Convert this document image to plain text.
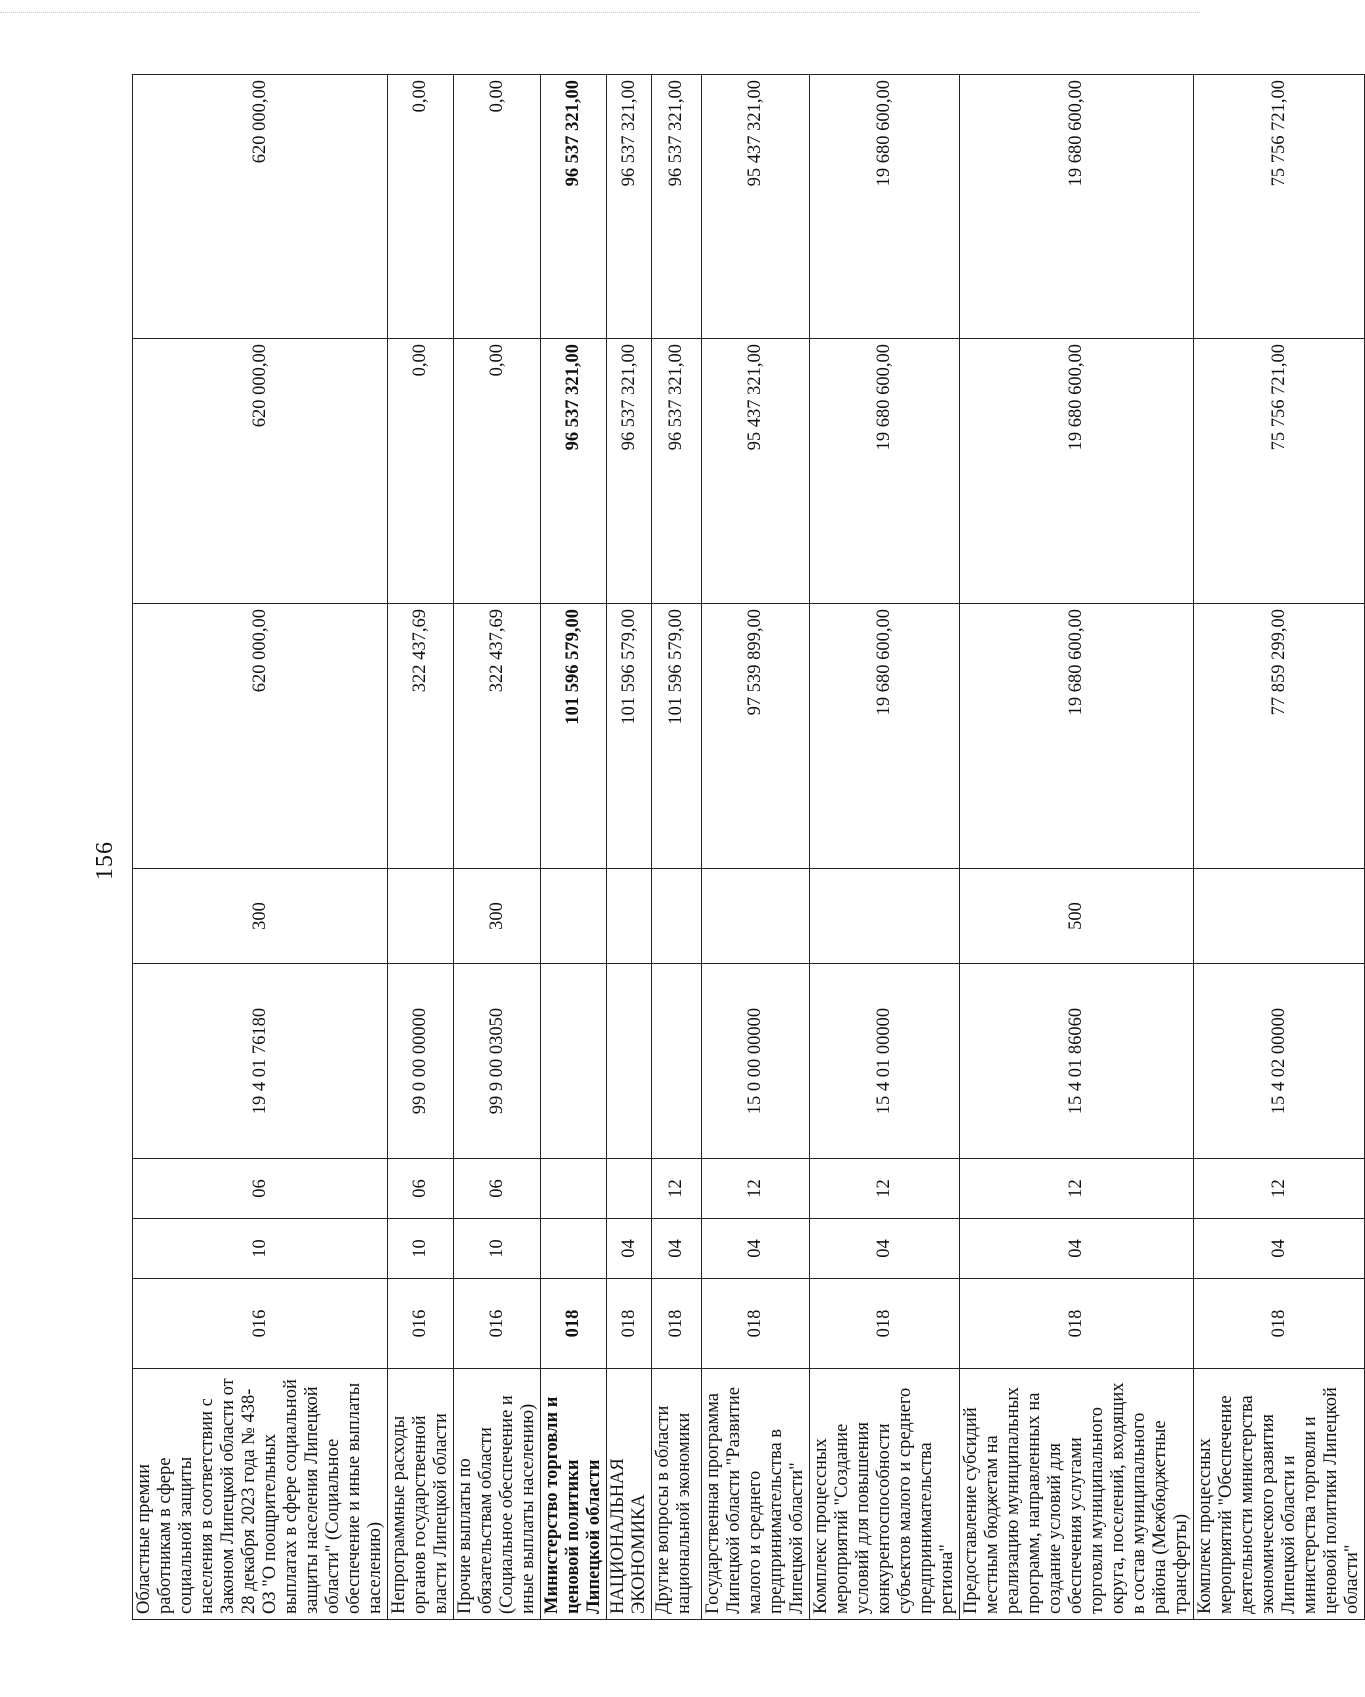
156
Областные премии работникам в сфере социальной защиты населения в соответствии с Законом Липецкой области от 28 декабря 2023 года № 438-ОЗ "О поощрительных выплатах в сфере социальной защиты населения Липецкой области" (Социальное обеспечение и иные выплаты населению)	016	10	06	19 4 01 76180	300	620 000,00	620 000,00	620 000,00
Непрограммные расходы органов государственной власти Липецкой области	016	10	06	99 0 00 00000		322 437,69	0,00	0,00
Прочие выплаты по обязательствам области (Социальное обеспечение и иные выплаты населению)	016	10	06	99 9 00 03050	300	322 437,69	0,00	0,00
Министерство торговли и ценовой политики Липецкой области	018					101 596 579,00	96 537 321,00	96 537 321,00
НАЦИОНАЛЬНАЯ ЭКОНОМИКА	018	04				101 596 579,00	96 537 321,00	96 537 321,00
Другие вопросы в области национальной экономики	018	04	12			101 596 579,00	96 537 321,00	96 537 321,00
Государственная программа Липецкой области "Развитие малого и среднего предпринимательства в Липецкой области"	018	04	12	15 0 00 00000		97 539 899,00	95 437 321,00	95 437 321,00
Комплекс процессных мероприятий "Создание условий для повышения конкурентоспособности субъектов малого и среднего предпринимательства региона"	018	04	12	15 4 01 00000		19 680 600,00	19 680 600,00	19 680 600,00
Предоставление субсидий местным бюджетам на реализацию муниципальных программ, направленных на создание условий для обеспечения услугами торговли муниципального округа, поселений, входящих в состав муниципального района (Межбюджетные трансферты)	018	04	12	15 4 01 86060	500	19 680 600,00	19 680 600,00	19 680 600,00
Комплекс процессных мероприятий "Обеспечение деятельности министерства экономического развития Липецкой области и министерства торговли и ценовой политики Липецкой области"	018	04	12	15 4 02 00000		77 859 299,00	75 756 721,00	75 756 721,00
